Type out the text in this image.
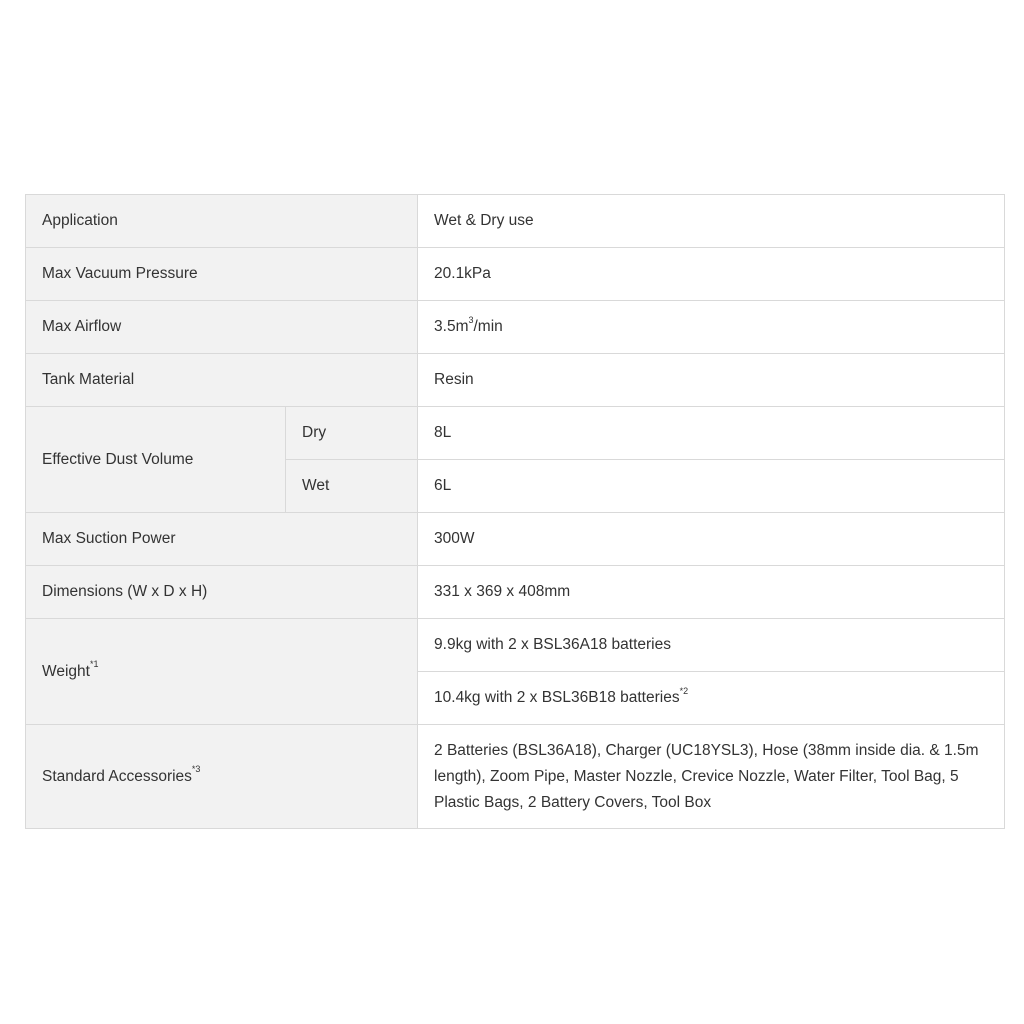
Application		Wet & Dry use
Max Vacuum Pressure		20.1kPa
Max Airflow		$3.5m^3/\min$
Tank Material		Resin
Effective Dust Volume	Dry	8L
	Wet	6L
Max Suction Power		300W
Dimensions (W x D x H)		331 x 369 x 408mm
Weight$^{*1}$		9.9kg with 2 x BSL36A18 batteries
		10.4kg with 2 x BSL36B18 batteries$^{*2}$
Standard Accessories$^{*3}$		2 Batteries (BSL36A18), Charger (UC18YSL3), Hose (38mm inside dia. & 1.5m length), Zoom Pipe, Master Nozzle, Crevice Nozzle, Water Filter, Tool Bag, 5 Plastic Bags, 2 Battery Covers, Tool Box
